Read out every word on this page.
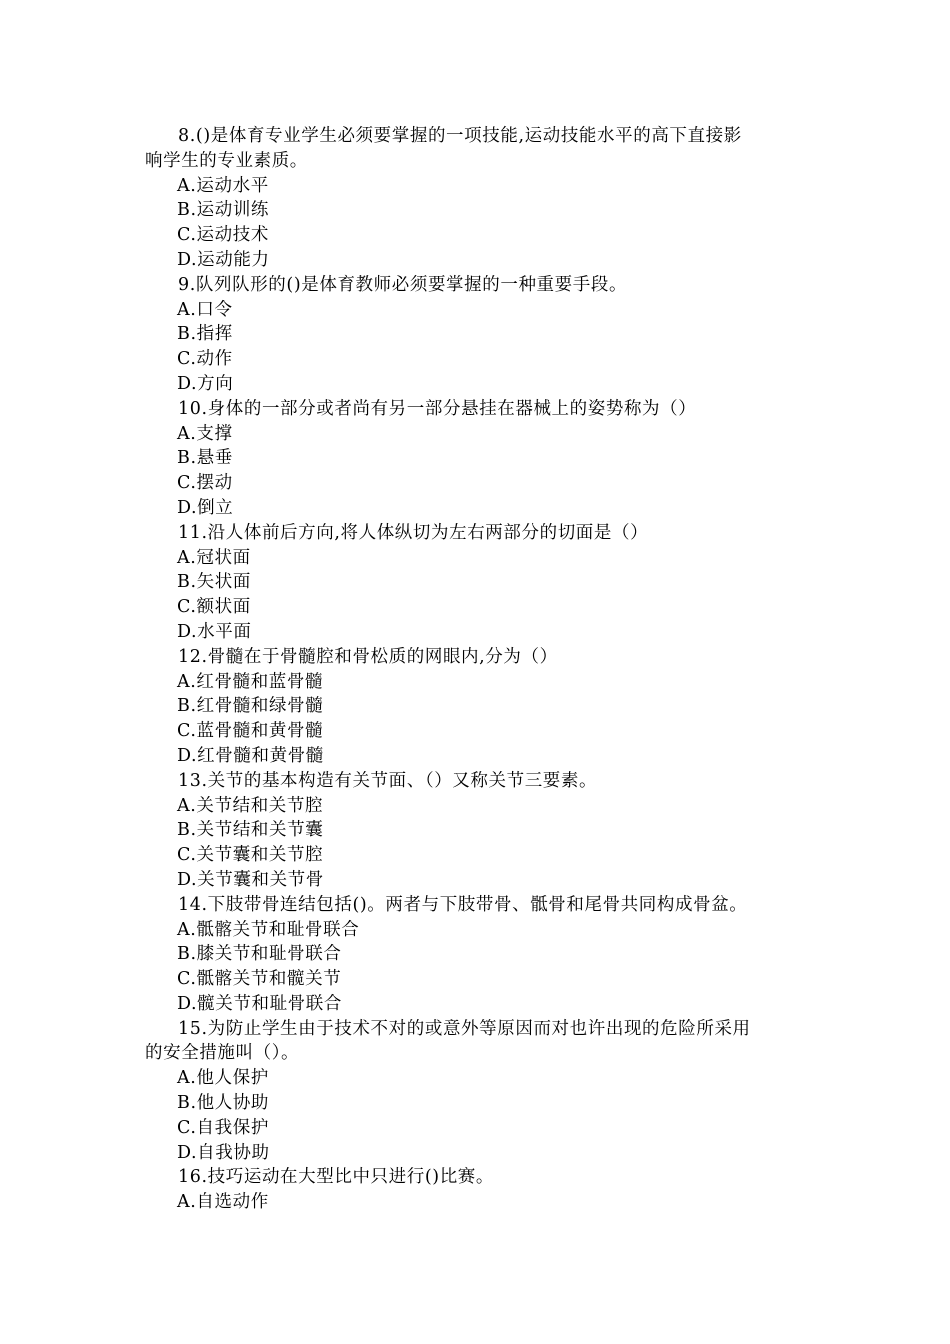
8.()是体育专业学生必须要掌握的一项技能,运动技能水平的高下直接影
响学生的专业素质。
A.运动水平
B.运动训练
C.运动技术
D.运动能力
9.队列队形的()是体育教师必须要掌握的一种重要手段。
A.口令
B.指挥
C.动作
D.方向
10.身体的一部分或者尚有另一部分悬挂在器械上的姿势称为（）
A.支撑
B.悬垂
C.摆动
D.倒立
11.沿人体前后方向,将人体纵切为左右两部分的切面是（）
A.冠状面
B.矢状面
C.额状面
D.水平面
12.骨髓在于骨髓腔和骨松质的网眼内,分为（）
A.红骨髓和蓝骨髓
B.红骨髓和绿骨髓
C.蓝骨髓和黄骨髓
D.红骨髓和黄骨髓
13.关节的基本构造有关节面、（）又称关节三要素。
A.关节结和关节腔
B.关节结和关节囊
C.关节囊和关节腔
D.关节囊和关节骨
14.下肢带骨连结包括()。两者与下肢带骨、骶骨和尾骨共同构成骨盆。
A.骶髂关节和耻骨联合
B.膝关节和耻骨联合
C.骶髂关节和髋关节
D.髋关节和耻骨联合
15.为防止学生由于技术不对的或意外等原因而对也许出现的危险所采用
的安全措施叫（）。
A.他人保护
B.他人协助
C.自我保护
D.自我协助
16.技巧运动在大型比中只进行()比赛。
A.自选动作
